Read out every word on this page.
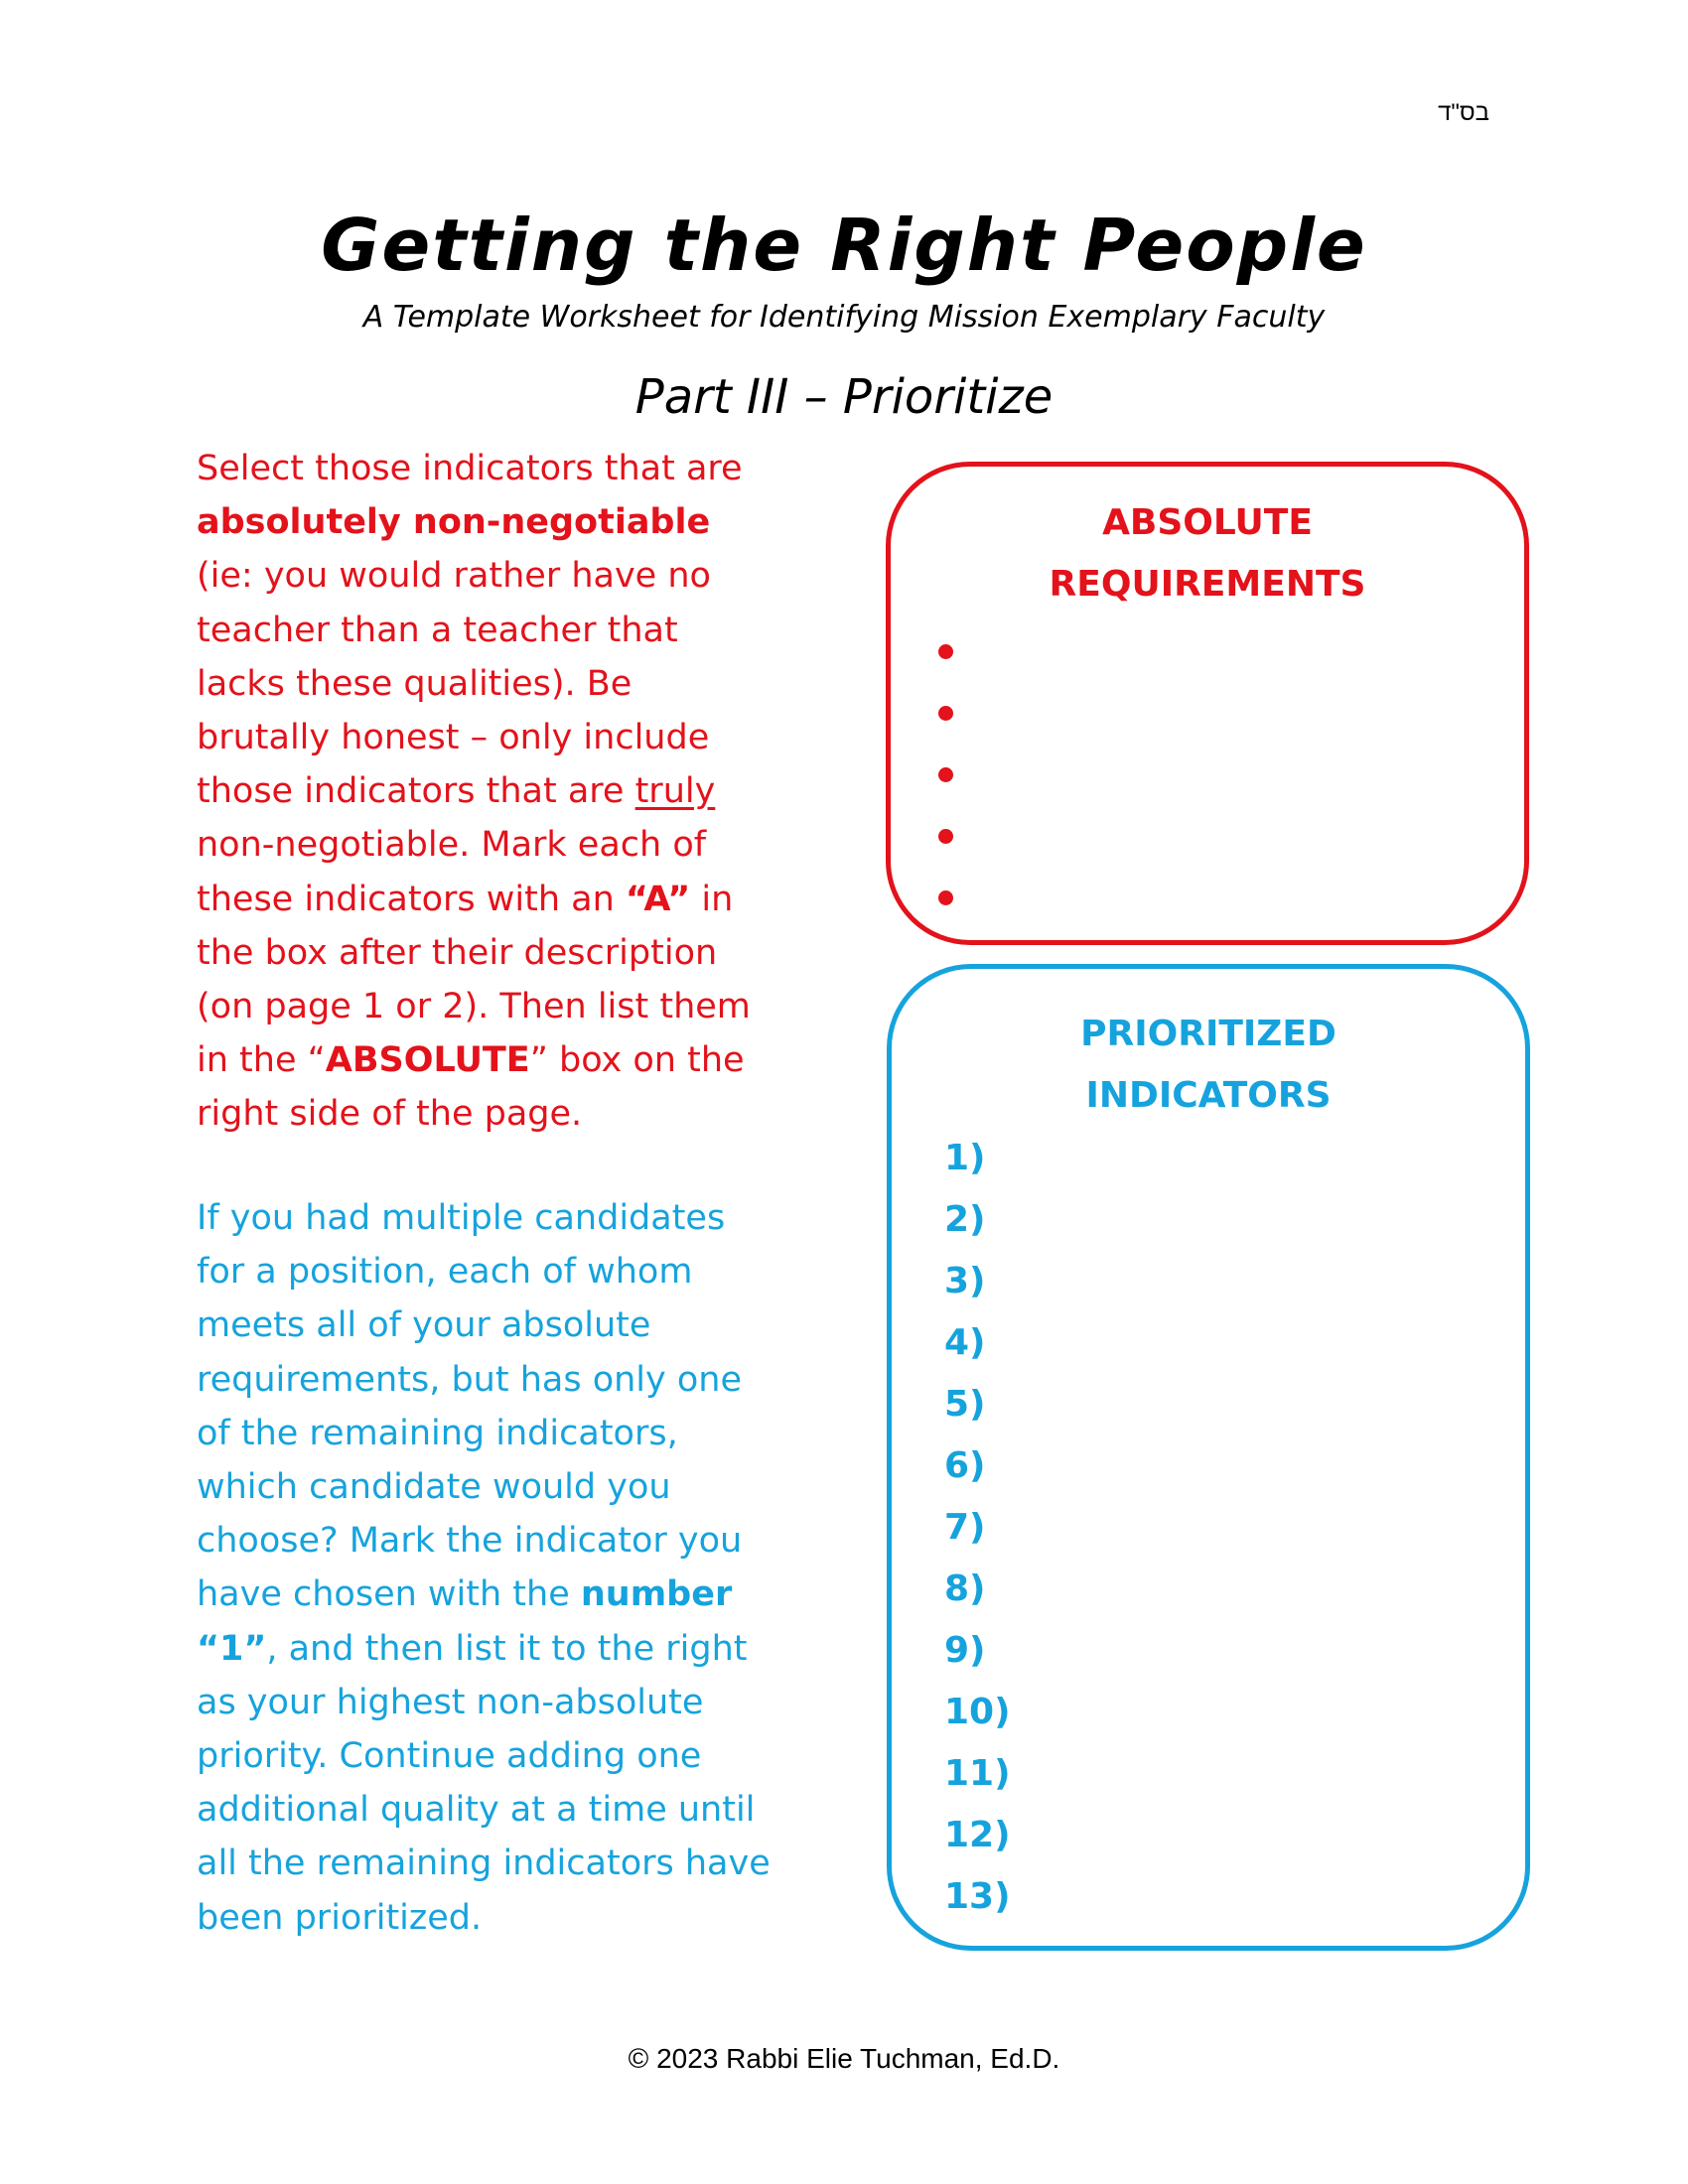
בס"ד
Getting the Right People
A Template Worksheet for Identifying Mission Exemplary Faculty
Part III – Prioritize
Select those indicators that are
absolutely non-negotiable
(ie: you would rather have no
teacher than a teacher that
lacks these qualities). Be
brutally honest – only include
those indicators that are truly
non-negotiable. Mark each of
these indicators with an “A” in
the box after their description
(on page 1 or 2). Then list them
in the “ABSOLUTE” box on the
right side of the page.
If you had multiple candidates
for a position, each of whom
meets all of your absolute
requirements, but has only one
of the remaining indicators,
which candidate would you
choose? Mark the indicator you
have chosen with the number
“1”, and then list it to the right
as your highest non-absolute
priority. Continue adding one
additional quality at a time until
all the remaining indicators have
been prioritized.
ABSOLUTE
REQUIREMENTS
PRIORITIZED
INDICATORS
1)
2)
3)
4)
5)
6)
7)
8)
9)
10)
11)
12)
13)
© 2023 Rabbi Elie Tuchman, Ed.D.
